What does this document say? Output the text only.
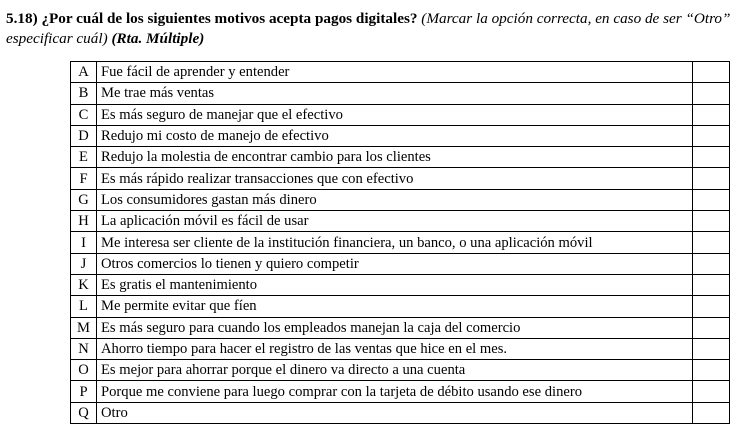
5.18) ¿Por cuál de los siguientes motivos acepta pagos digitales? (Marcar la opción correcta, en caso de ser “Otro” especificar cuál) (Rta. Múltiple)

A	Fue fácil de aprender y entender	
B	Me trae más ventas	
C	Es más seguro de manejar que el efectivo	
D	Redujo mi costo de manejo de efectivo	
E	Redujo la molestia de encontrar cambio para los clientes	
F	Es más rápido realizar transacciones que con efectivo	
G	Los consumidores gastan más dinero	
H	La aplicación móvil es fácil de usar	
I	Me interesa ser cliente de la institución financiera, un banco, o una aplicación móvil	
J	Otros comercios lo tienen y quiero competir	
K	Es gratis el mantenimiento	
L	Me permite evitar que fíen	
M	Es más seguro para cuando los empleados manejan la caja del comercio	
N	Ahorro tiempo para hacer el registro de las ventas que hice en el mes.	
O	Es mejor para ahorrar porque el dinero va directo a una cuenta	
P	Porque me conviene para luego comprar con la tarjeta de débito usando ese dinero	
Q	Otro	
